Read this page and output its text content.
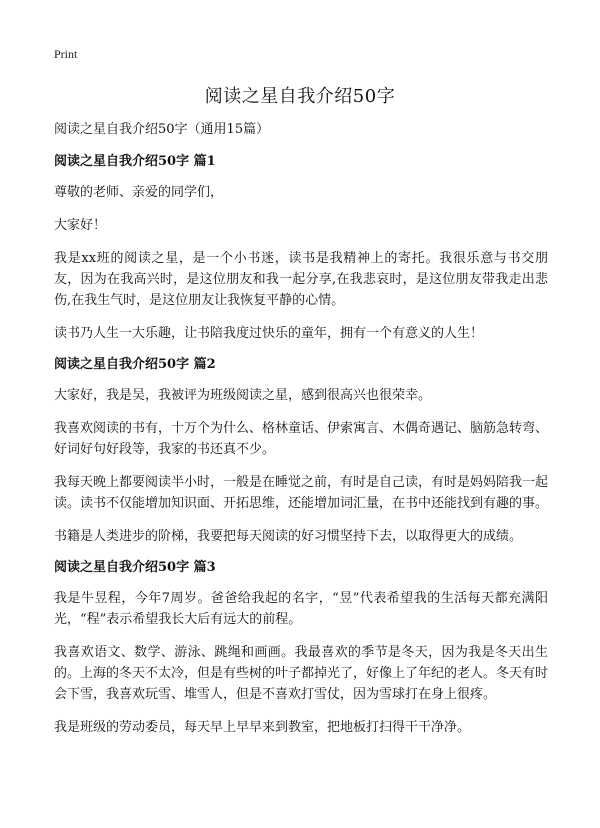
Print
阅读之星自我介绍50字

阅读之星自我介绍50字（通用15篇）

阅读之星自我介绍50字 篇1

尊敬的老师、亲爱的同学们，

大家好！

我是xx班的阅读之星，是一个小书迷，读书是我精神上的寄托。我很乐意与书交朋友，因为在我高兴时，是这位朋友和我一起分享,在我悲哀时，是这位朋友带我走出悲伤,在我生气时，是这位朋友让我恢复平静的心情。

读书乃人生一大乐趣，让书陪我度过快乐的童年，拥有一个有意义的人生！

阅读之星自我介绍50字 篇2

大家好，我是吴，我被评为班级阅读之星，感到很高兴也很荣幸。

我喜欢阅读的书有，十万个为什么、格林童话、伊索寓言、木偶奇遇记、脑筋急转弯、好词好句好段等，我家的书还真不少。

我每天晚上都要阅读半小时，一般是在睡觉之前，有时是自己读，有时是妈妈陪我一起读。读书不仅能增加知识面、开拓思维，还能增加词汇量，在书中还能找到有趣的事。

书籍是人类进步的阶梯，我要把每天阅读的好习惯坚持下去，以取得更大的成绩。

阅读之星自我介绍50字 篇3

我是牛昱程，今年7周岁。爸爸给我起的名字，“昱”代表希望我的生活每天都充满阳光，“程”表示希望我长大后有远大的前程。

我喜欢语文、数学、游泳、跳绳和画画。我最喜欢的季节是冬天，因为我是冬天出生的。上海的冬天不太冷，但是有些树的叶子都掉光了，好像上了年纪的老人。冬天有时会下雪，我喜欢玩雪、堆雪人，但是不喜欢打雪仗，因为雪球打在身上很疼。

我是班级的劳动委员，每天早上早早来到教室，把地板打扫得干干净净。
